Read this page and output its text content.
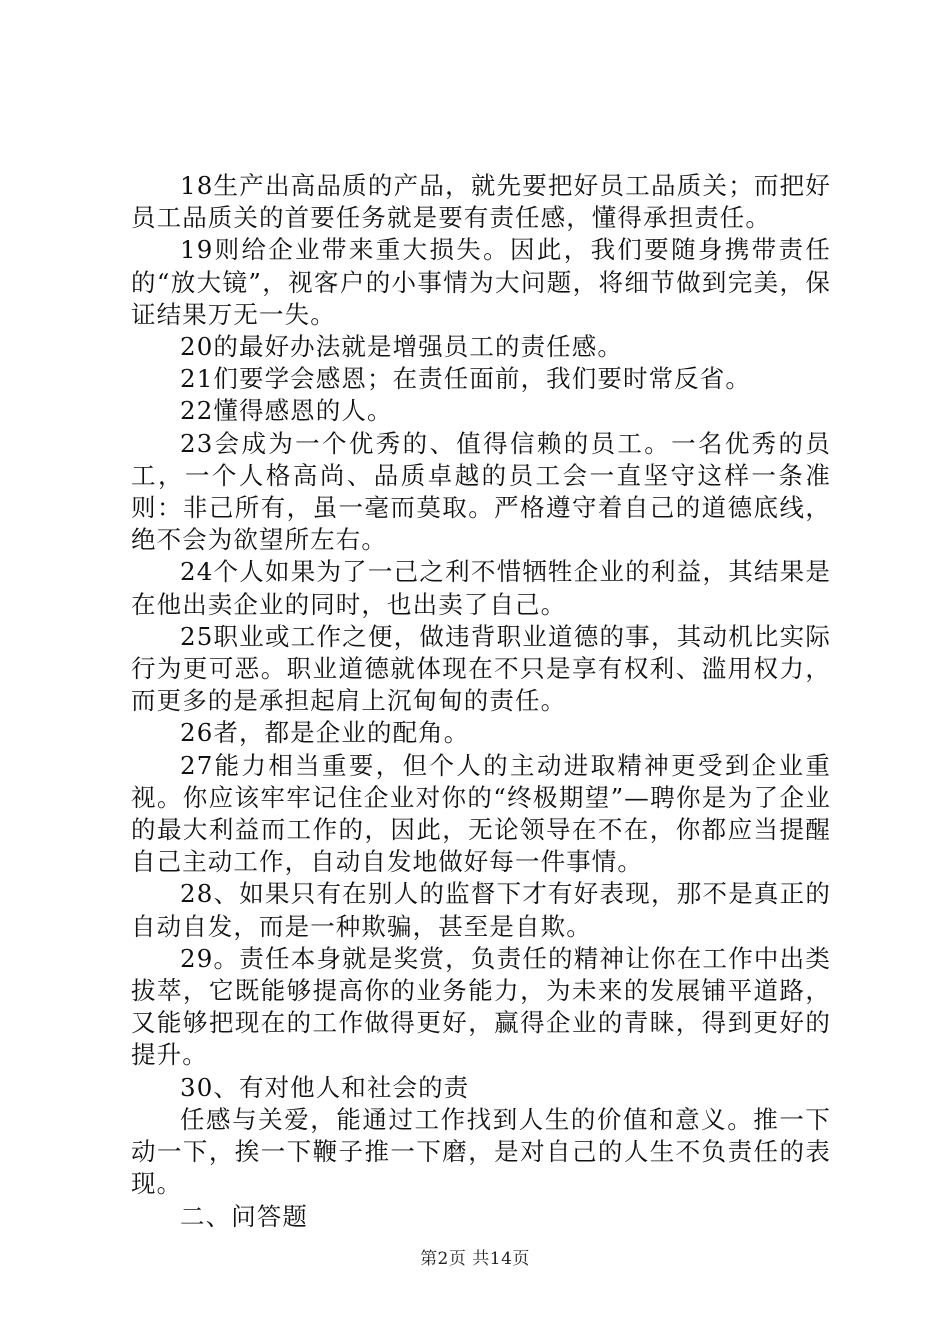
18生产出高品质的产品，就先要把好员工品质关；而把好员工品质关的首要任务就是要有责任感，懂得承担责任。

19则给企业带来重大损失。因此，我们要随身携带责任的“放大镜”，视客户的小事情为大问题，将细节做到完美，保证结果万无一失。

20的最好办法就是增强员工的责任感。

21们要学会感恩；在责任面前，我们要时常反省。

22懂得感恩的人。

23会成为一个优秀的、值得信赖的员工。一名优秀的员工，一个人格高尚、品质卓越的员工会一直坚守这样一条准则：非己所有，虽一毫而莫取。严格遵守着自己的道德底线，绝不会为欲望所左右。

24个人如果为了一己之利不惜牺牲企业的利益，其结果是在他出卖企业的同时，也出卖了自己。

25职业或工作之便，做违背职业道德的事，其动机比实际行为更可恶。职业道德就体现在不只是享有权利、滥用权力，而更多的是承担起肩上沉甸甸的责任。

26者，都是企业的配角。

27能力相当重要，但个人的主动进取精神更受到企业重视。你应该牢牢记住企业对你的“终极期望”—聘你是为了企业的最大利益而工作的，因此，无论领导在不在，你都应当提醒自己主动工作，自动自发地做好每一件事情。

28、如果只有在别人的监督下才有好表现，那不是真正的自动自发，而是一种欺骗，甚至是自欺。

29。责任本身就是奖赏，负责任的精神让你在工作中出类拔萃，它既能够提高你的业务能力，为未来的发展铺平道路，又能够把现在的工作做得更好，赢得企业的青睐，得到更好的提升。

30、有对他人和社会的责

任感与关爱，能通过工作找到人生的价值和意义。推一下动一下，挨一下鞭子推一下磨，是对自己的人生不负责任的表现。

二、问答题

第2页 共14页
